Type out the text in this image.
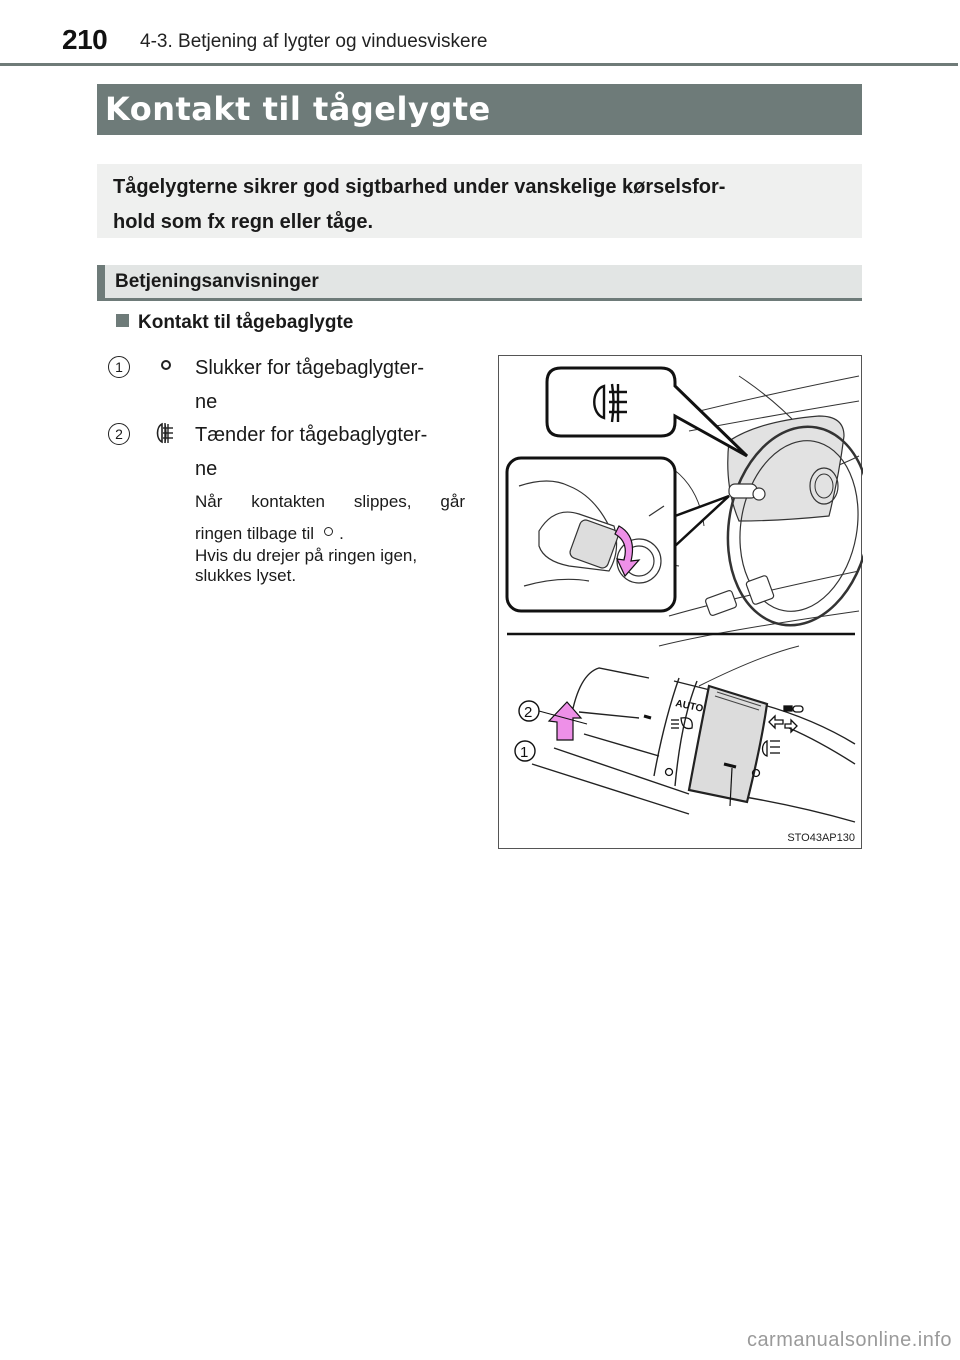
210 4-3. Betjening af lygter og vinduesviskere
Kontakt til tågelygte

Tågelygterne sikrer god sigtbarhed under vanskelige kørselsfor-

hold som fx regn eller tåge.

Betjeningsanvisninger
Kontakt til tågebaglygte
1	Slukker for tågebaglygter-
ne
2	Tænder for tågebaglygter-
ne

Når kontakten slippes, går

ringen tilbage til .

Hvis du drejer på ringen igen,

slukkes lyset.

AUTO
2
1
STO43AP130
carmanualsonline.info
